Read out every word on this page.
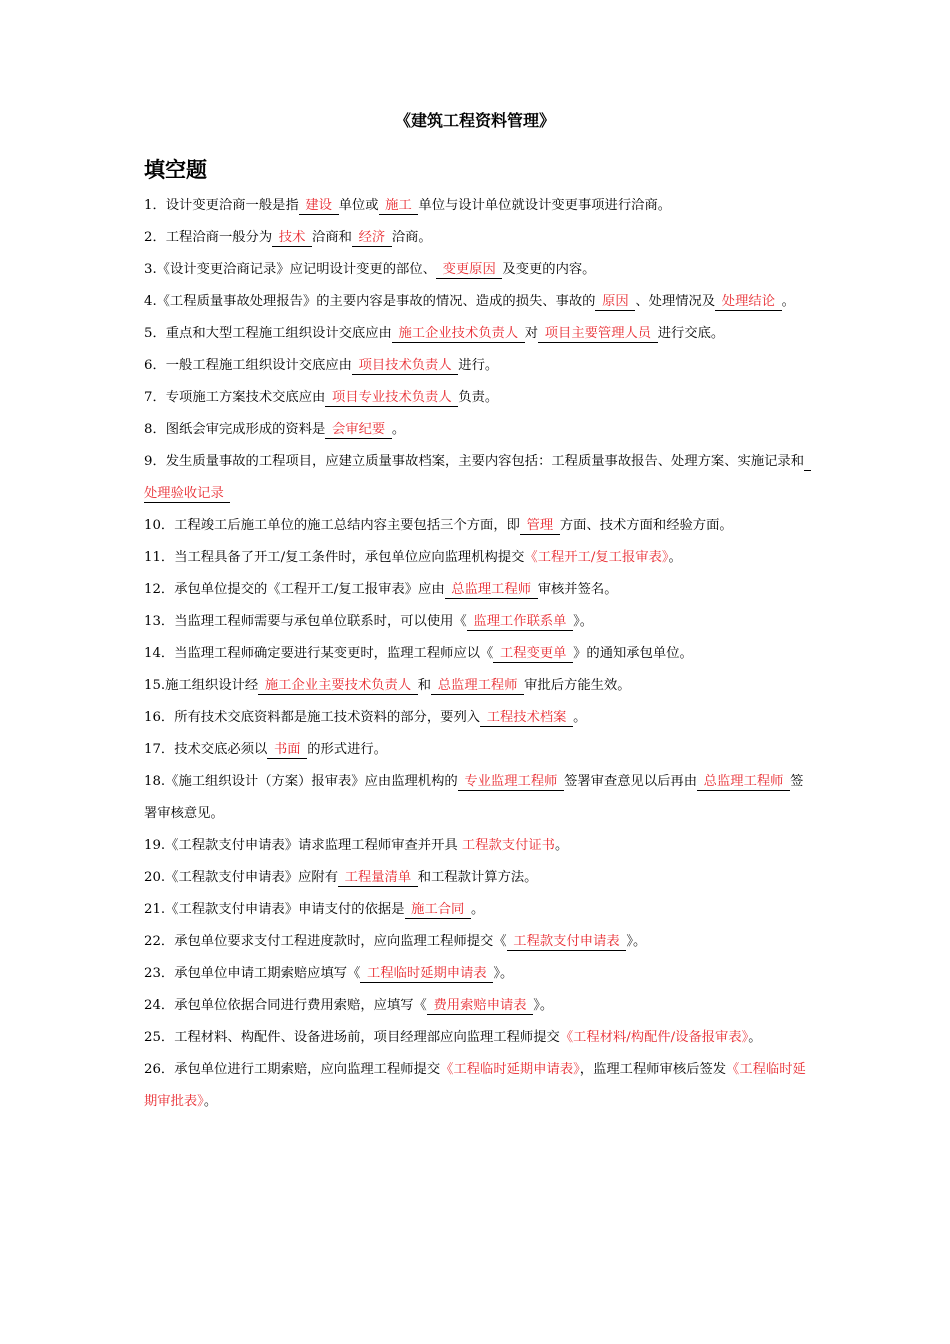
《建筑工程资料管理》
填空题

1．设计变更洽商一般是指 建设 单位或 施工 单位与设计单位就设计变更事项进行洽商。

2．工程洽商一般分为 技术 洽商和 经济 洽商。

3.《设计变更洽商记录》应记明设计变更的部位、 变更原因 及变更的内容。

4.《工程质量事故处理报告》的主要内容是事故的情况、造成的损失、事故的 原因 、处理情况及 处理结论 。

5．重点和大型工程施工组织设计交底应由 施工企业技术负责人 对 项目主要管理人员 进行交底。

6．一般工程施工组织设计交底应由 项目技术负责人 进行。

7．专项施工方案技术交底应由 项目专业技术负责人 负责。

8．图纸会审完成形成的资料是 会审纪要 。

9．发生质量事故的工程项目，应建立质量事故档案，主要内容包括：工程质量事故报告、处理方案、实施记录和 处理验收记录 

10．工程竣工后施工单位的施工总结内容主要包括三个方面，即 管理 方面、技术方面和经验方面。

11．当工程具备了开工/复工条件时，承包单位应向监理机构提交《工程开工/复工报审表》。

12．承包单位提交的《工程开工/复工报审表》应由 总监理工程师 审核并签名。

13．当监理工程师需要与承包单位联系时，可以使用《 监理工作联系单 》。

14．当监理工程师确定要进行某变更时，监理工程师应以《 工程变更单 》的通知承包单位。

15.施工组织设计经 施工企业主要技术负责人 和 总监理工程师 审批后方能生效。

16．所有技术交底资料都是施工技术资料的部分，要列入 工程技术档案 。

17．技术交底必须以 书面 的形式进行。

18.《施工组织设计（方案）报审表》应由监理机构的 专业监理工程师 签署审查意见以后再由 总监理工程师 签署审核意见。

19.《工程款支付申请表》请求监理工程师审查并开具 工程款支付证书。

20.《工程款支付申请表》应附有 工程量清单 和工程款计算方法。

21.《工程款支付申请表》申请支付的依据是 施工合同 。

22．承包单位要求支付工程进度款时，应向监理工程师提交《 工程款支付申请表 》。

23．承包单位申请工期索赔应填写《 工程临时延期申请表 》。

24．承包单位依据合同进行费用索赔，应填写《 费用索赔申请表 》。

25．工程材料、构配件、设备进场前，项目经理部应向监理工程师提交《工程材料/构配件/设备报审表》。

26．承包单位进行工期索赔，应向监理工程师提交《工程临时延期申请表》，监理工程师审核后签发《工程临时延期审批表》。
